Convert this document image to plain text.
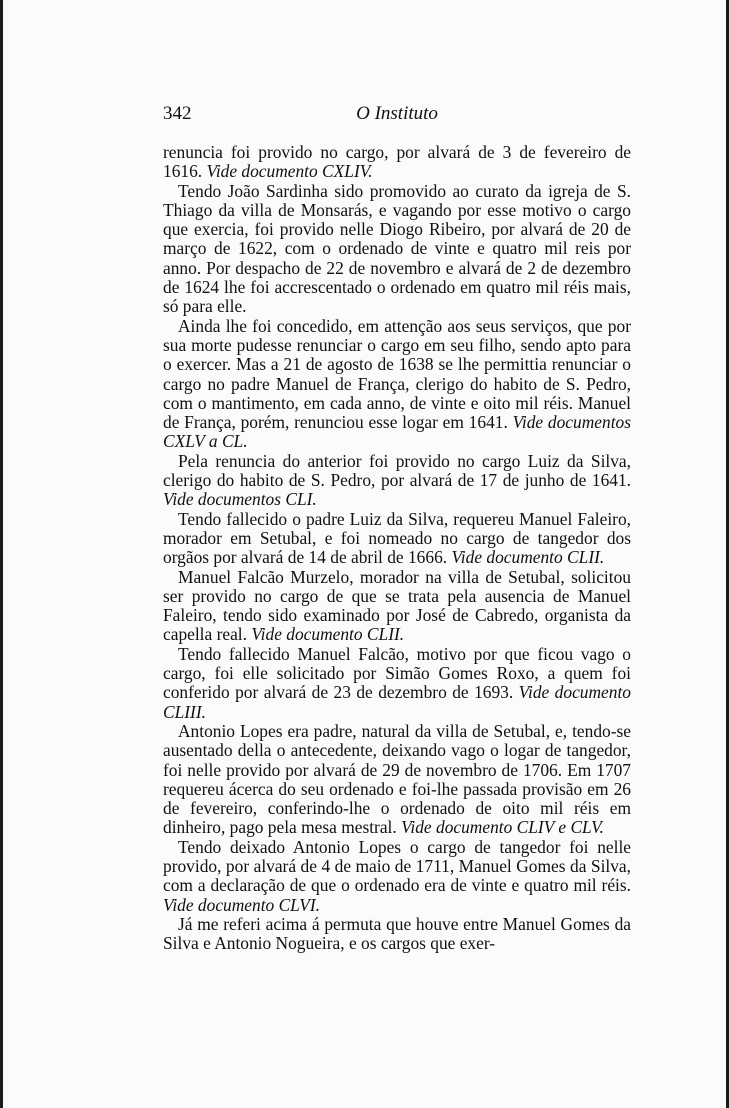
342	O Instituto

renuncia foi provido no cargo, por alvará de 3 de fevereiro de 1616. Vide documento CXLIV.

Tendo João Sardinha sido promovido ao curato da igreja de S. Thiago da villa de Monsarás, e vagando por esse motivo o cargo que exercia, foi provido nelle Diogo Ribeiro, por alvará de 20 de março de 1622, com o ordenado de vinte e quatro mil reis por anno. Por despacho de 22 de novembro e alvará de 2 de dezembro de 1624 lhe foi accrescentado o ordenado em quatro mil réis mais, só para elle.

Ainda lhe foi concedido, em attenção aos seus serviços, que por sua morte pudesse renunciar o cargo em seu filho, sendo apto para o exercer. Mas a 21 de agosto de 1638 se lhe permittia renunciar o cargo no padre Manuel de França, clerigo do habito de S. Pedro, com o mantimento, em cada anno, de vinte e oito mil réis. Manuel de França, porém, renunciou esse logar em 1641. Vide documentos CXLV a CL.

Pela renuncia do anterior foi provido no cargo Luiz da Silva, clerigo do habito de S. Pedro, por alvará de 17 de junho de 1641. Vide documentos CLI.

Tendo fallecido o padre Luiz da Silva, requereu Manuel Faleiro, morador em Setubal, e foi nomeado no cargo de tangedor dos orgãos por alvará de 14 de abril de 1666. Vide documento CLII.

Manuel Falcão Murzelo, morador na villa de Setubal, solicitou ser provido no cargo de que se trata pela ausencia de Manuel Faleiro, tendo sido examinado por José de Cabredo, organista da capella real. Vide documento CLII.

Tendo fallecido Manuel Falcão, motivo por que ficou vago o cargo, foi elle solicitado por Simão Gomes Roxo, a quem foi conferido por alvará de 23 de dezembro de 1693. Vide documento CLIII.

Antonio Lopes era padre, natural da villa de Setubal, e, tendo-se ausentado della o antecedente, deixando vago o logar de tangedor, foi nelle provido por alvará de 29 de novembro de 1706. Em 1707 requereu ácerca do seu ordenado e foi-lhe passada provisão em 26 de fevereiro, conferindo-lhe o ordenado de oito mil réis em dinheiro, pago pela mesa mestral. Vide documento CLIV e CLV.

Tendo deixado Antonio Lopes o cargo de tangedor foi nelle provido, por alvará de 4 de maio de 1711, Manuel Gomes da Silva, com a declaração de que o ordenado era de vinte e quatro mil réis. Vide documento CLVI.

Já me referi acima á permuta que houve entre Manuel Gomes da Silva e Antonio Nogueira, e os cargos que exer-
